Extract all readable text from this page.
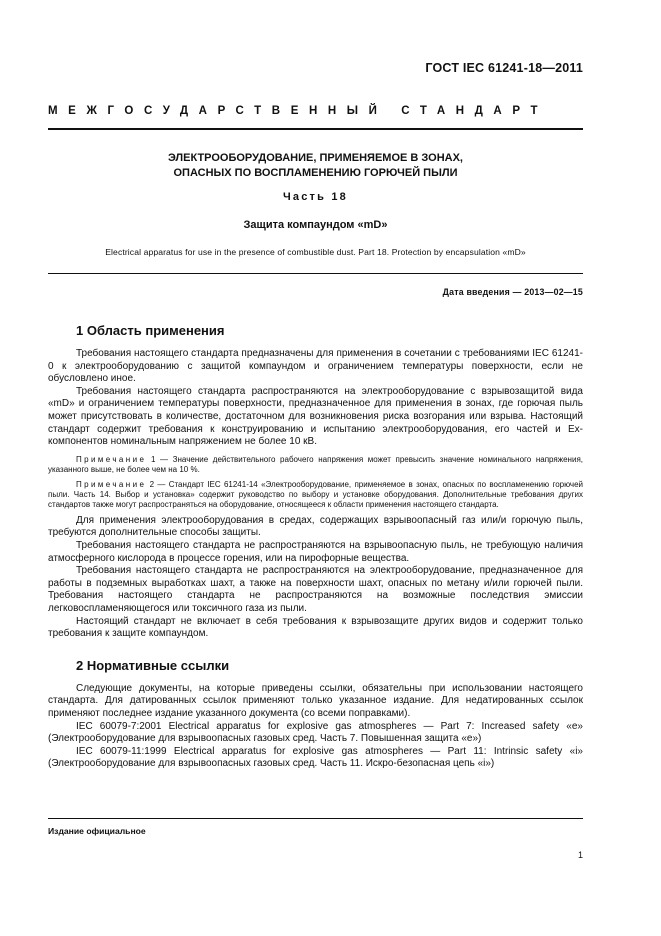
ГОСТ IEC 61241-18—2011
МЕЖГОСУДАРСТВЕННЫЙ СТАНДАРТ
ЭЛЕКТРООБОРУДОВАНИЕ, ПРИМЕНЯЕМОЕ В ЗОНАХ,
ОПАСНЫХ ПО ВОСПЛАМЕНЕНИЮ ГОРЮЧЕЙ ПЫЛИ
Часть 18
Защита компаундом «mD»
Electrical apparatus for use in the presence of combustible dust. Part 18. Protection by encapsulation «mD»
Дата введения — 2013—02—15
1 Область применения

Требования настоящего стандарта предназначены для применения в сочетании с требованиями IEC 61241-0 к электрооборудованию с защитой компаундом и ограничением температуры поверхности, если не обусловлено иное.

Требования настоящего стандарта распространяются на электрооборудование с взрывозащитой вида «mD» и ограничением температуры поверхности, предназначенное для применения в зонах, где горючая пыль может присутствовать в количестве, достаточном для возникновения риска возгорания или взрыва. Настоящий стандарт содержит требования к конструированию и испытанию электрооборудования, его частей и Ех-компонентов номинальным напряжением не более 10 кВ.

Примечание 1 — Значение действительного рабочего напряжения может превысить значение номинального напряжения, указанного выше, не более чем на 10 %.

Примечание 2 — Стандарт IEC 61241-14 «Электрооборудование, применяемое в зонах, опасных по воспламенению горючей пыли. Часть 14. Выбор и установка» содержит руководство по выбору и установке оборудования. Дополнительные требования других стандартов также могут распространяться на оборудование, относящееся к области применения настоящего стандарта.

Для применения электрооборудования в средах, содержащих взрывоопасный газ или/и горючую пыль, требуются дополнительные способы защиты.

Требования настоящего стандарта не распространяются на взрывоопасную пыль, не требующую наличия атмосферного кислорода в процессе горения, или на пирофорные вещества.

Требования настоящего стандарта не распространяются на электрооборудование, предназначенное для работы в подземных выработках шахт, а также на поверхности шахт, опасных по метану и/или горючей пыли. Требования настоящего стандарта не распространяются на возможные последствия эмиссии легковоспламеняющегося или токсичного газа из пыли.

Настоящий стандарт не включает в себя требования к взрывозащите других видов и содержит только требования к защите компаундом.

2 Нормативные ссылки

Следующие документы, на которые приведены ссылки, обязательны при использовании настоящего стандарта. Для датированных ссылок применяют только указанное издание. Для недатированных ссылок применяют последнее издание указанного документа (со всеми поправками).

IEC 60079-7:2001 Electrical apparatus for explosive gas atmospheres — Part 7: Increased safety «e» (Электрооборудование для взрывоопасных газовых сред. Часть 7. Повышенная защита «е»)

IEC 60079-11:1999 Electrical apparatus for explosive gas atmospheres — Part 11: Intrinsic safety «i» (Электрооборудование для взрывоопасных газовых сред. Часть 11. Искро-безопасная цепь «i»)

Издание официальное
1
